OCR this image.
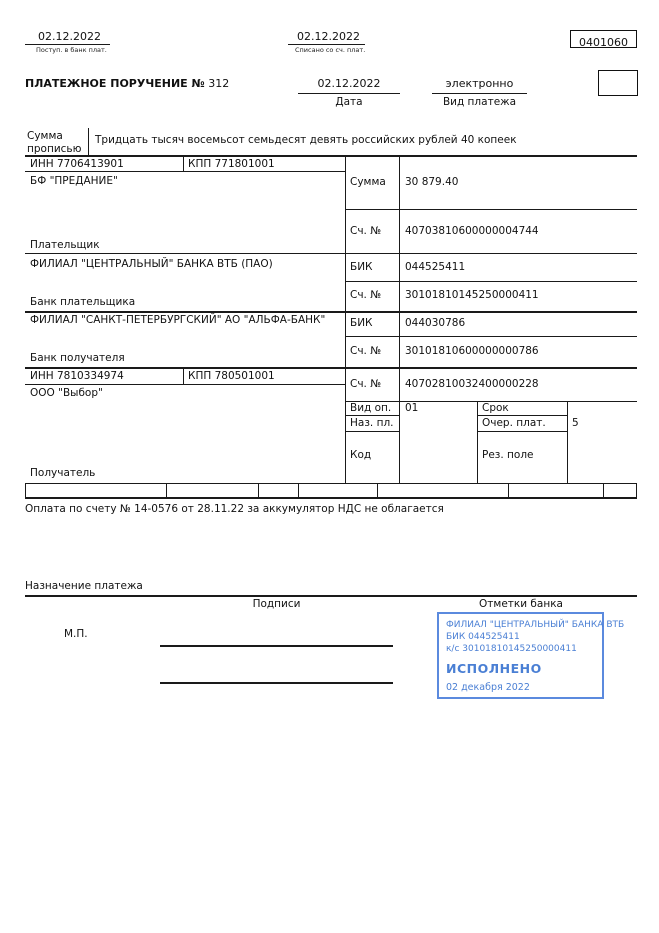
02.12.2022
Поступ. в банк плат.
02.12.2022
Списано со сч. плат.
0401060
ПЛАТЕЖНОЕ ПОРУЧЕНИЕ № 312	02.12.2022
Дата
электронно
Вид платежа
Сумма
прописью
Тридцать тысяч восемьсот семьдесят девять российских рублей 40 копеек
ИНН 7706413901	КПП 771801001
БФ "ПРЕДАНИЕ"
Плательщик
Сумма 30 879.40
Сч. № 40703810600000004744
ФИЛИАЛ "ЦЕНТРАЛЬНЫЙ" БАНКА ВТБ (ПАО)
Банк плательщика
БИК	044525411
Сч. № 30101810145250000411
ФИЛИАЛ "САНКТ-ПЕТЕРБУРГСКИЙ" АО "АЛЬФА-БАНК"
Банк получателя
БИК	044030786
Сч. № 30101810600000000786
ИНН 7810334974	КПП 780501001
ООО "Выбор"
Получатель
Сч. № 40702810032400000228
Вид оп. 01	Срок
Наз. пл.	Очер. плат.	5
Код	Рез. поле
Оплата по счету № 14-0576 от 28.11.22 за аккумулятор НДС не облагается
Назначение платежа
Подписи	Отметки банка
М.П.
ФИЛИАЛ "ЦЕНТРАЛЬНЫЙ" БАНКА ВТБ
БИК 044525411
к/с 30101810145250000411
ИСПОЛНЕНО
02 декабря 2022
